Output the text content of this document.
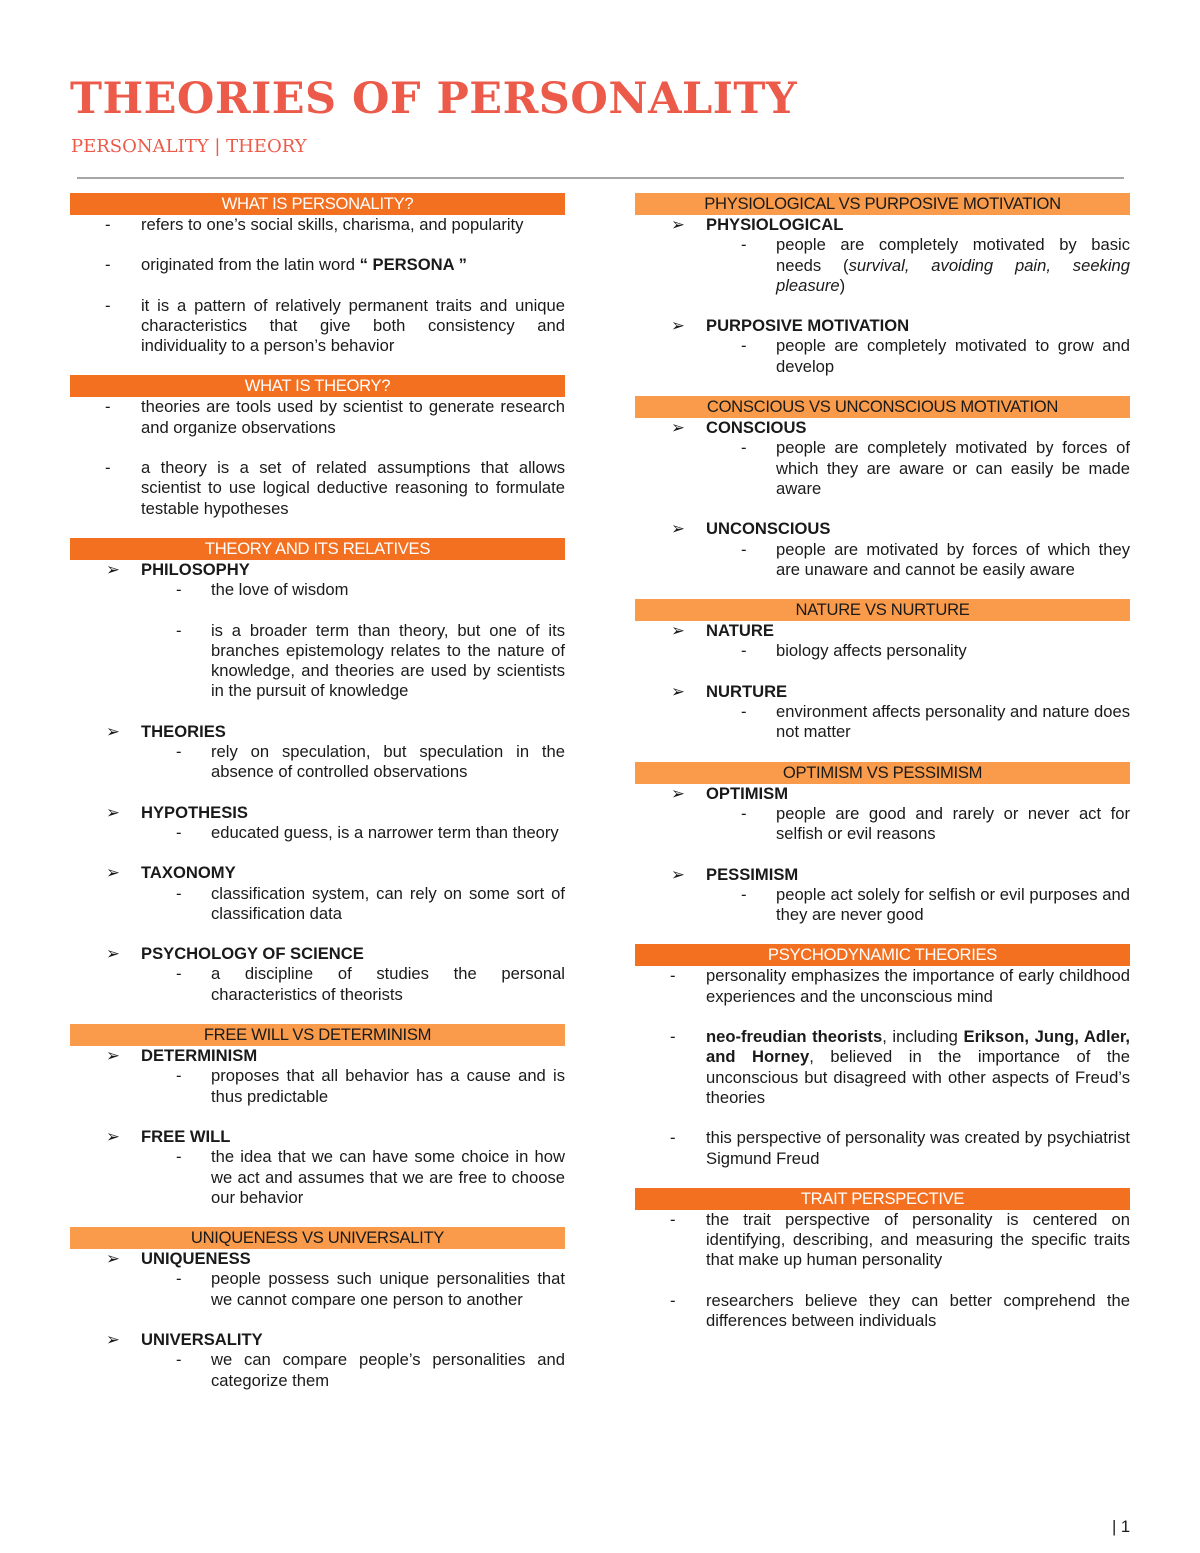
THEORIES OF PERSONALITY

PERSONALITY | THEORY

WHAT IS PERSONALITY?
-	refers to one’s social skills, charisma, and popularity
-	originated from the latin word “ PERSONA ”
-	it is a pattern of relatively permanent traits and unique characteristics that give both consistency and individuality to a person’s behavior
WHAT IS THEORY?
-	theories are tools used by scientist to generate research and organize observations
-	a theory is a set of related assumptions that allows scientist to use logical deductive reasoning to formulate testable hypotheses
THEORY AND ITS RELATIVES
➢ PHILOSOPHY
-	the love of wisdom
-	is a broader term than theory, but one of its branches epistemology relates to the nature of knowledge, and theories are used by scientists in the pursuit of knowledge
➢ THEORIES
-	rely on speculation, but speculation in the absence of controlled observations
➢ HYPOTHESIS
-	educated guess, is a narrower term than theory
➢ TAXONOMY
-	classification system, can rely on some sort of classification data
➢ PSYCHOLOGY OF SCIENCE
-	a discipline of studies the personal characteristics of theorists
FREE WILL VS DETERMINISM
➢ DETERMINISM
-	proposes that all behavior has a cause and is thus predictable
➢ FREE WILL
-	the idea that we can have some choice in how we act and assumes that we are free to choose our behavior
UNIQUENESS VS UNIVERSALITY
➢ UNIQUENESS
-	people possess such unique personalities that we cannot compare one person to another
➢ UNIVERSALITY
-	we can compare people’s personalities and categorize them
PHYSIOLOGICAL VS PURPOSIVE MOTIVATION
➢ PHYSIOLOGICAL
-	people are completely motivated by basic needs (survival, avoiding pain, seeking pleasure)
➢ PURPOSIVE MOTIVATION
-	people are completely motivated to grow and develop
CONSCIOUS VS UNCONSCIOUS MOTIVATION
➢ CONSCIOUS
-	people are completely motivated by forces of which they are aware or can easily be made aware
➢ UNCONSCIOUS
-	people are motivated by forces of which they are unaware and cannot be easily aware
NATURE VS NURTURE
➢ NATURE
-	biology affects personality
➢ NURTURE
-	environment affects personality and nature does not matter
OPTIMISM VS PESSIMISM
➢ OPTIMISM
-	people are good and rarely or never act for selfish or evil reasons
➢ PESSIMISM
-	people act solely for selfish or evil purposes and they are never good
PSYCHODYNAMIC THEORIES
-	personality emphasizes the importance of early childhood experiences and the unconscious mind
-	neo-freudian theorists, including Erikson, Jung, Adler, and Horney, believed in the importance of the unconscious but disagreed with other aspects of Freud’s theories
-	this perspective of personality was created by psychiatrist Sigmund Freud
TRAIT PERSPECTIVE
-	the trait perspective of personality is centered on identifying, describing, and measuring the specific traits that make up human personality
-	researchers believe they can better comprehend the differences between individuals
| 1
